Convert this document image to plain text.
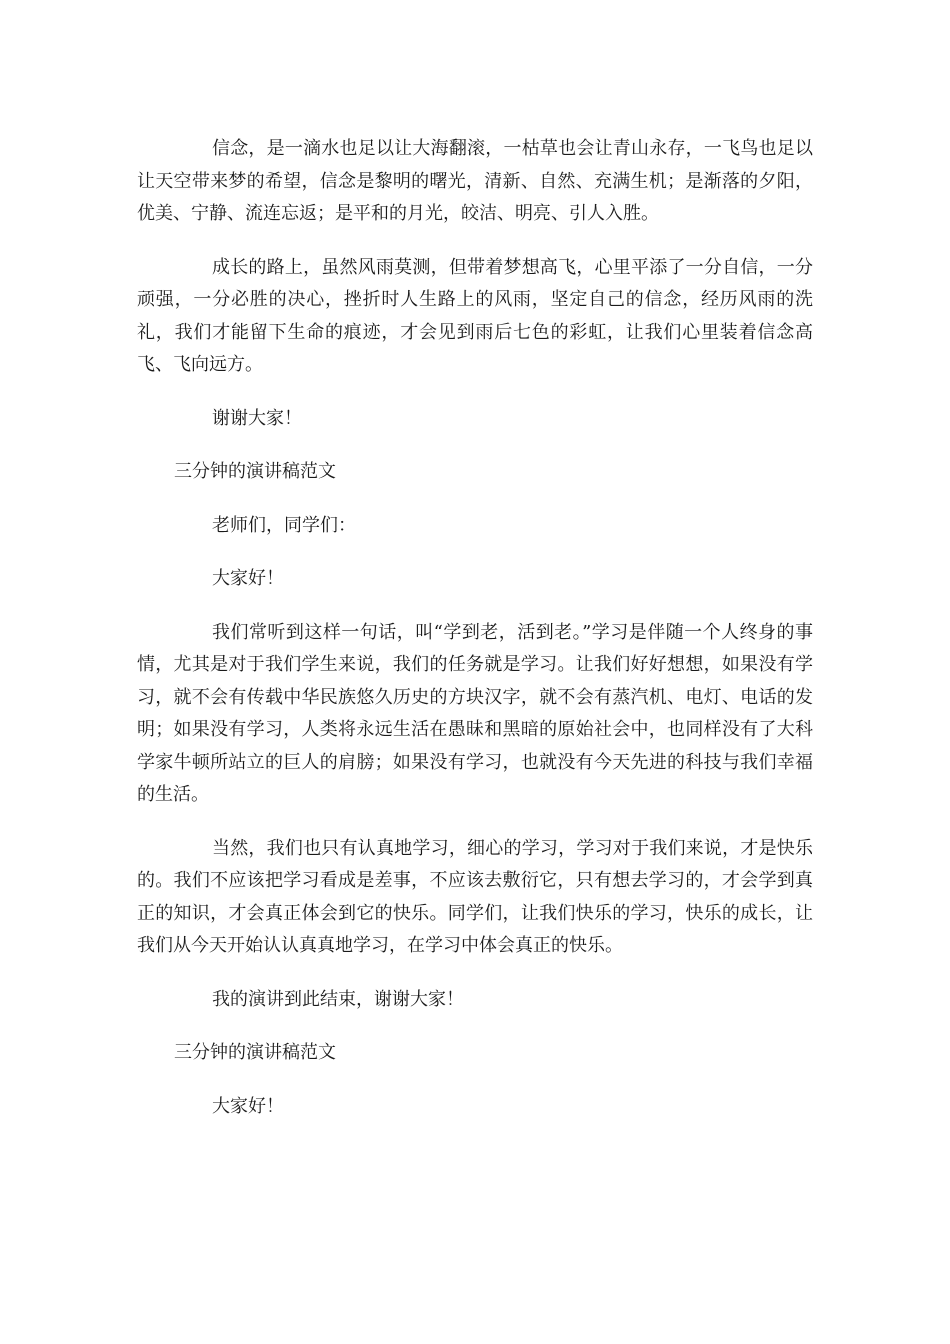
信念，是一滴水也足以让大海翻滚，一枯草也会让青山永存，一飞鸟也足以让天空带来梦的希望，信念是黎明的曙光，清新、自然、充满生机；是渐落的夕阳，优美、宁静、流连忘返；是平和的月光，皎洁、明亮、引人入胜。

成长的路上，虽然风雨莫测，但带着梦想高飞，心里平添了一分自信，一分顽强，一分必胜的决心，挫折时人生路上的风雨，坚定自己的信念，经历风雨的洗礼，我们才能留下生命的痕迹，才会见到雨后七色的彩虹，让我们心里装着信念高飞、飞向远方。

谢谢大家！

三分钟的演讲稿范文

老师们，同学们：

大家好！

我们常听到这样一句话，叫“学到老，活到老。”学习是伴随一个人终身的事情，尤其是对于我们学生来说，我们的任务就是学习。让我们好好想想，如果没有学习，就不会有传载中华民族悠久历史的方块汉字，就不会有蒸汽机、电灯、电话的发明；如果没有学习，人类将永远生活在愚昧和黑暗的原始社会中，也同样没有了大科学家牛顿所站立的巨人的肩膀；如果没有学习，也就没有今天先进的科技与我们幸福的生活。

当然，我们也只有认真地学习，细心的学习，学习对于我们来说，才是快乐的。我们不应该把学习看成是差事，不应该去敷衍它，只有想去学习的，才会学到真正的知识，才会真正体会到它的快乐。同学们，让我们快乐的学习，快乐的成长，让我们从今天开始认认真真地学习，在学习中体会真正的快乐。

我的演讲到此结束，谢谢大家！

三分钟的演讲稿范文

大家好！
